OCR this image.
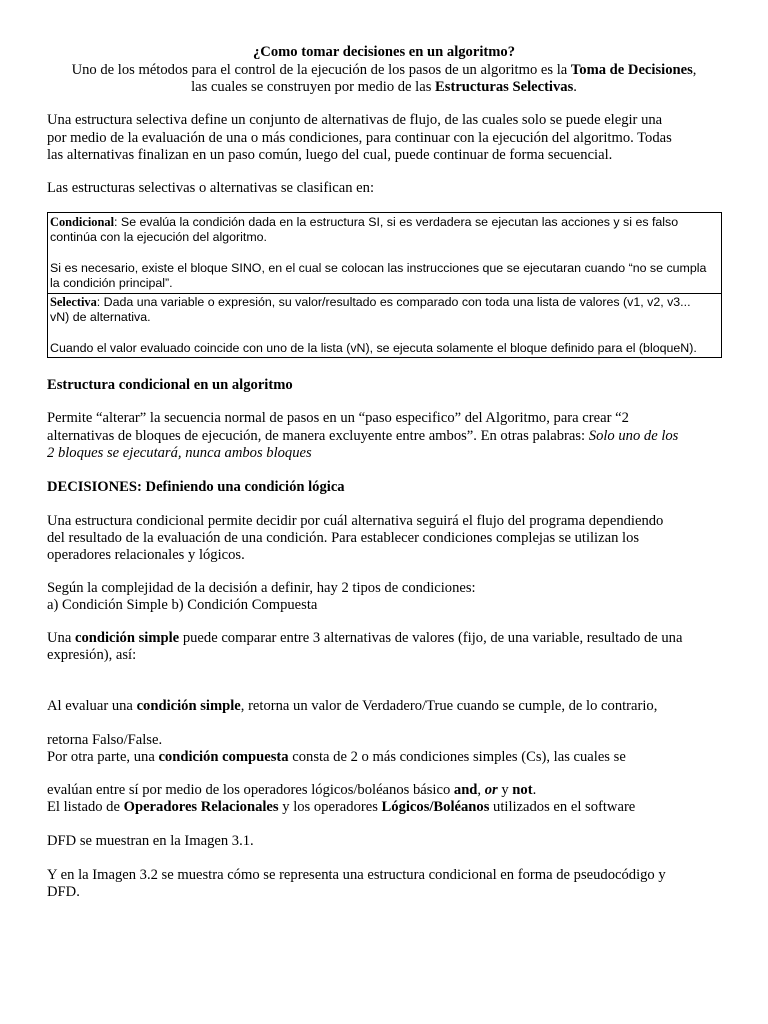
¿Como tomar decisiones en un algoritmo?
Uno de los métodos para el control de la ejecución de los pasos de un algoritmo es la Toma de Decisiones,
las cuales se construyen por medio de las Estructuras Selectivas.
Una estructura selectiva define un conjunto de alternativas de flujo, de las cuales solo se puede elegir una
por medio de la evaluación de una o más condiciones, para continuar con la ejecución del algoritmo. Todas
las alternativas finalizan en un paso común, luego del cual, puede continuar de forma secuencial.
Las estructuras selectivas o alternativas se clasifican en:
Condicional: Se evalúa la condición dada en la estructura SI, si es verdadera se ejecutan las acciones y si es falso
continúa con la ejecución del algoritmo.
Si es necesario, existe el bloque SINO, en el cual se colocan las instrucciones que se ejecutaran cuando “no se cumpla
la condición principal”.
Selectiva: Dada una variable o expresión, su valor/resultado es comparado con toda una lista de valores (v1, v2, v3...
vN) de alternativa.
Cuando el valor evaluado coincide con uno de la lista (vN), se ejecuta solamente el bloque definido para el (bloqueN).
Estructura condicional en un algoritmo
Permite “alterar” la secuencia normal de pasos en un “paso especifico” del Algoritmo, para crear “2
alternativas de bloques de ejecución, de manera excluyente entre ambos”. En otras palabras: Solo uno de los
2 bloques se ejecutará, nunca ambos bloques
DECISIONES: Definiendo una condición lógica
Una estructura condicional permite decidir por cuál alternativa seguirá el flujo del programa dependiendo
del resultado de la evaluación de una condición. Para establecer condiciones complejas se utilizan los
operadores relacionales y lógicos.
Según la complejidad de la decisión a definir, hay 2 tipos de condiciones:
a) Condición Simple b) Condición Compuesta
Una condición simple puede comparar entre 3 alternativas de valores (fijo, de una variable, resultado de una
expresión), así:
Al evaluar una condición simple, retorna un valor de Verdadero/True cuando se cumple, de lo contrario,
retorna Falso/False.
Por otra parte, una condición compuesta consta de 2 o más condiciones simples (Cs), las cuales se
evalúan entre sí por medio de los operadores lógicos/boléanos básico and, or y not.
El listado de Operadores Relacionales y los operadores Lógicos/Boléanos utilizados en el software
DFD se muestran en la Imagen 3.1.
Y en la Imagen 3.2 se muestra cómo se representa una estructura condicional en forma de pseudocódigo y
DFD.
